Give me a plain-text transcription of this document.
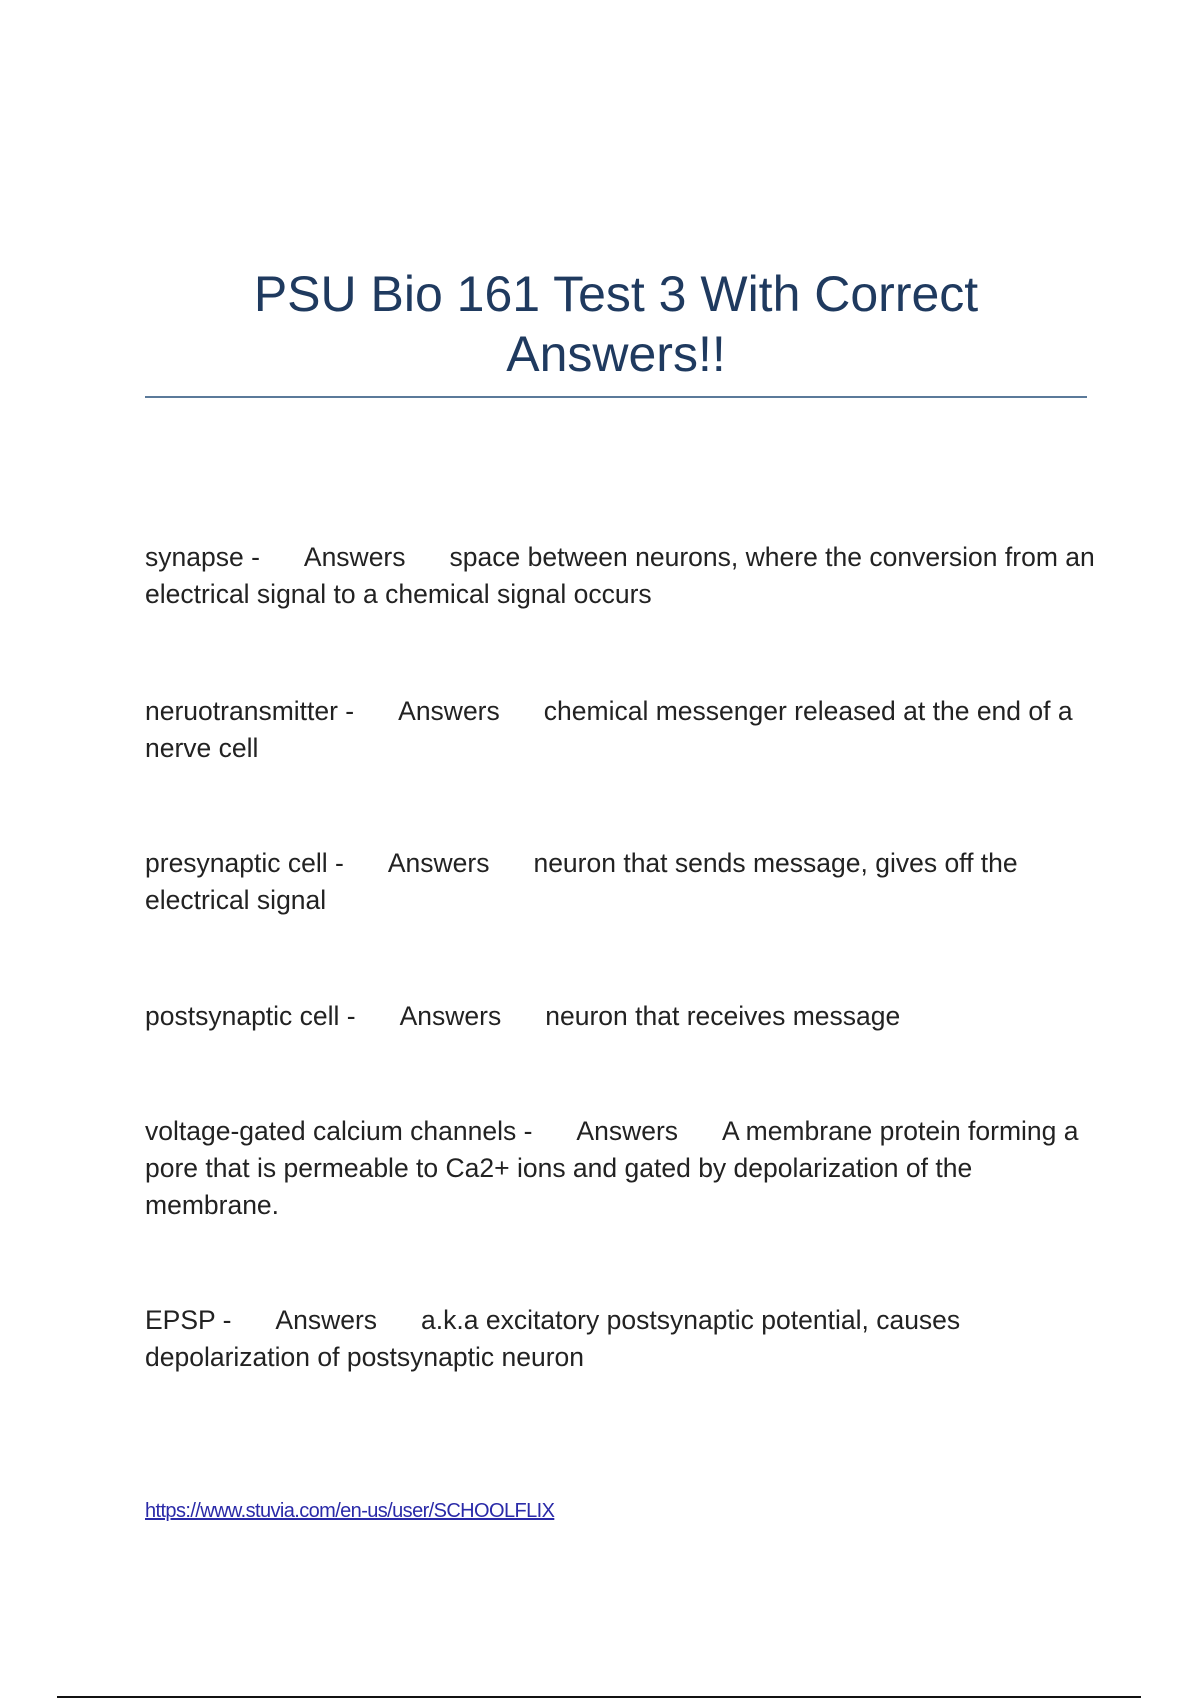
PSU Bio 161 Test 3 With Correct Answers!!
synapse - Answers space between neurons, where the conversion from an electrical signal to a chemical signal occurs
neruotransmitter - Answers chemical messenger released at the end of a nerve cell
presynaptic cell - Answers neuron that sends message, gives off the electrical signal
postsynaptic cell - Answers neuron that receives message
voltage-gated calcium channels - Answers A membrane protein forming a pore that is permeable to Ca2+ ions and gated by depolarization of the membrane.
EPSP - Answers a.k.a excitatory postsynaptic potential, causes depolarization of postsynaptic neuron
https://www.stuvia.com/en-us/user/SCHOOLFLIX
